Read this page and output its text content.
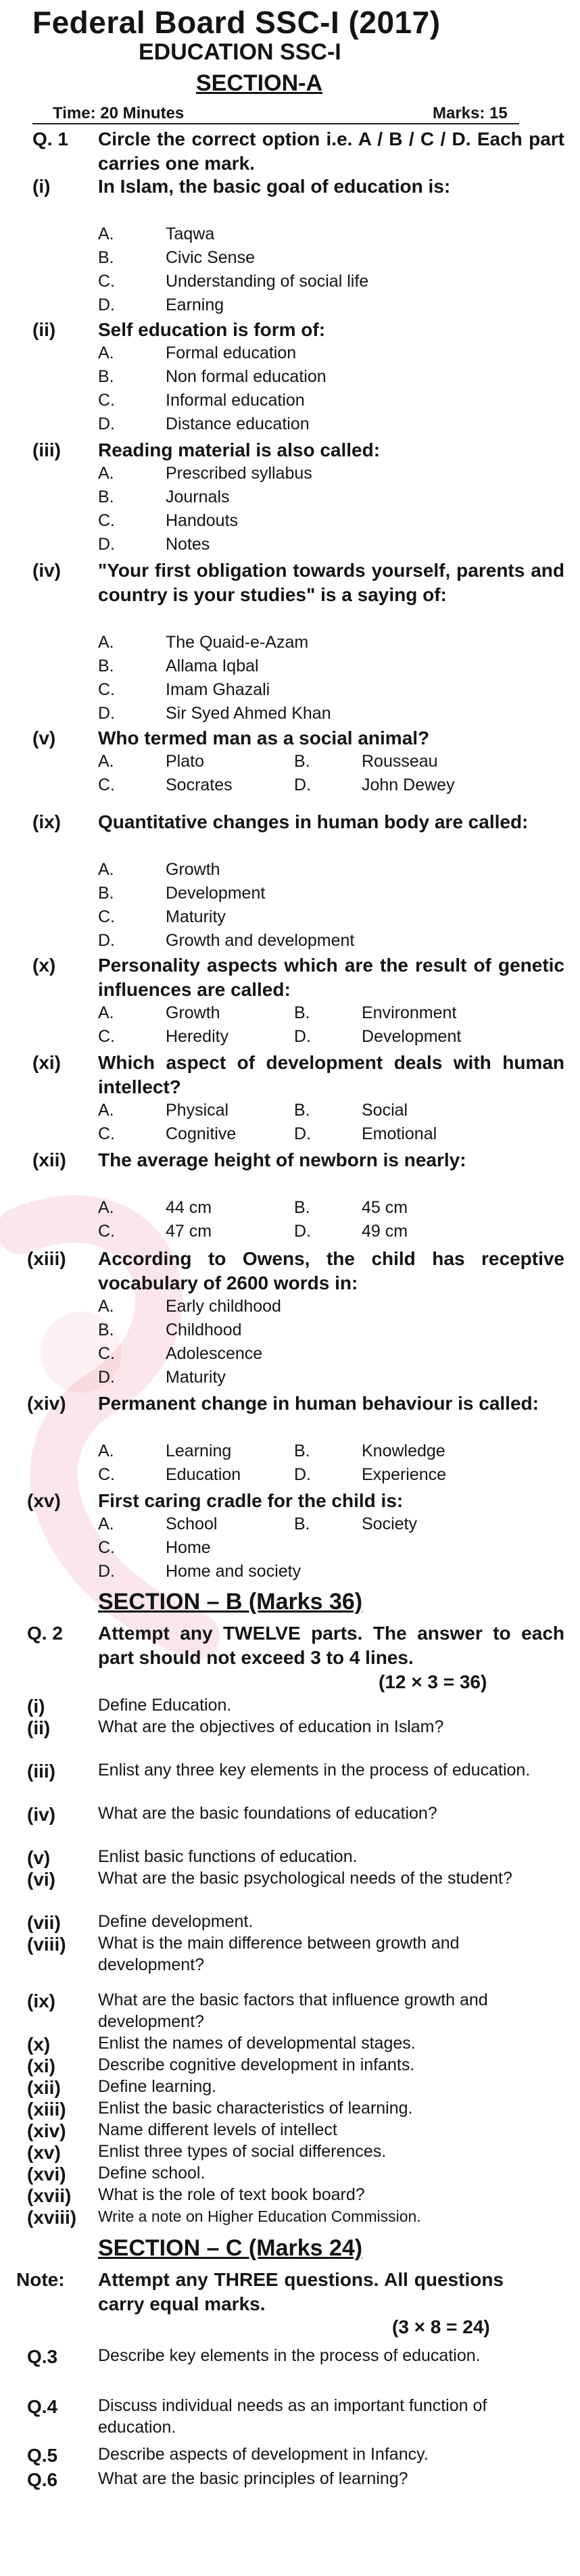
Federal Board SSC-I (2017)
EDUCATION SSC-I
SECTION-A
Time: 20 Minutes	Marks: 15
Q. 1 Circle the correct option i.e. A / B / C / D. Each part carries one mark.
(i)	In Islam, the basic goal of education is:
A.	Taqwa
B.	Civic Sense
C.	Understanding of social life
D.	Earning
(ii) Self education is form of:
A.	Formal education
B.	Non formal education
C.	Informal education
D.	Distance education
(iii) Reading material is also called:
A.	Prescribed syllabus
B.	Journals
C.	Handouts
D.	Notes
(iv) "Your first obligation towards yourself, parents and country is your studies" is a saying of:
A.	The Quaid-e-Azam
B.	Allama Iqbal
C.	Imam Ghazali
D.	Sir Syed Ahmed Khan
(v) Who termed man as a social animal?
A.	Plato	B.	Rousseau
C.	Socrates	D.	John Dewey
(ix) Quantitative changes in human body are called:
A.	Growth
B.	Development
C.	Maturity
D.	Growth and development
(x) Personality aspects which are the result of genetic influences are called:
A.	Growth	B.	Environment
C.	Heredity	D.	Development
(xi) Which aspect of development deals with human intellect?
A.	Physical	B.	Social
C.	Cognitive	D.	Emotional
(xii) The average height of newborn is nearly:
A.	44 cm	B.	45 cm
C.	47 cm	D.	49 cm
(xiii) According to Owens, the child has receptive vocabulary of 2600 words in:
A.	Early childhood
B.	Childhood
C.	Adolescence
D.	Maturity
(xiv) Permanent change in human behaviour is called:
A.	Learning	B.	Knowledge
C.	Education	D.	Experience
(xv) First caring cradle for the child is:
A.	School	B.	Society
C.	Home
D.	Home and society
SECTION – B (Marks 36)
Q. 2 Attempt any TWELVE parts. The answer to each part should not exceed 3 to 4 lines.
(12 × 3 = 36)
(i)	Define Education.
(ii)	What are the objectives of education in Islam?
(iii)	Enlist any three key elements in the process of education.
(iv)	What are the basic foundations of education?
(v)	Enlist basic functions of education.
(vi)	What are the basic psychological needs of the student?
(vii) Define development.
(viii) What is the main difference between growth and development?
(ix)	What are the basic factors that influence growth and development?
(x)	Enlist the names of developmental stages.
(xi)	Describe cognitive development in infants.
(xii) Define learning.
(xiii) Enlist the basic characteristics of learning.
(xiv) Name different levels of intellect
(xv) Enlist three types of social differences.
(xvi) Define school.
(xvii) What is the role of text book board?
(xviii) Write a note on Higher Education Commission.
SECTION – C (Marks 24)
Note: Attempt any THREE questions. All questions carry equal marks.
(3 × 8 = 24)
Q.3 Describe key elements in the process of education.
Q.4 Discuss individual needs as an important function of education.
Q.5 Describe aspects of development in Infancy.
Q.6 What are the basic principles of learning?
